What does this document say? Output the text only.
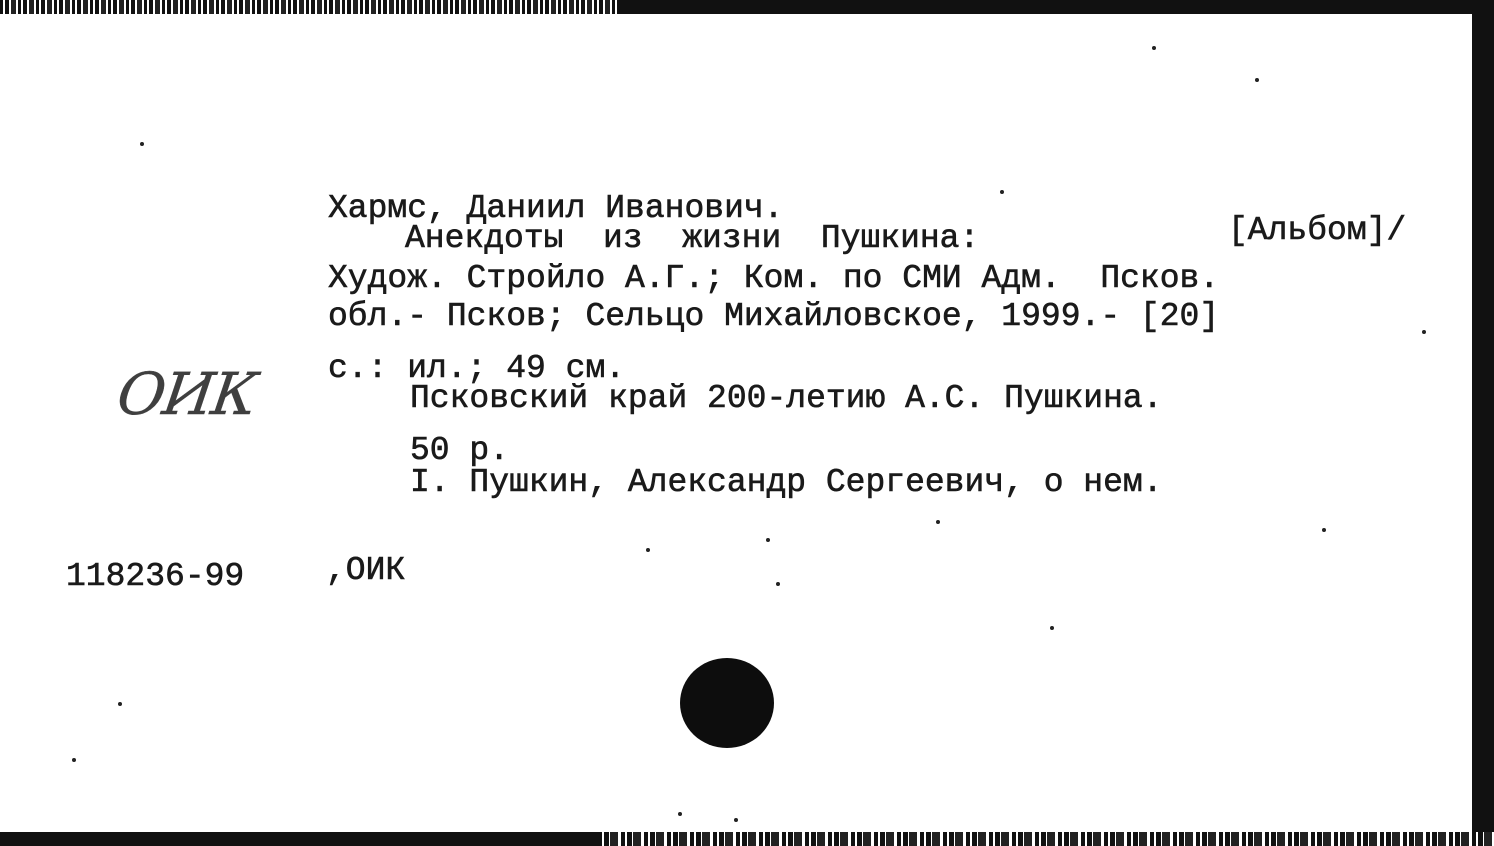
Хармс, Даниил Иванович.
Анекдоты  из  жизни  Пушкина:	[Альбом]/
Худож. Стройло А.Г.; Ком. по СМИ Адм.  Псков.
обл.- Псков; Сельцо Михайловское, 1999.- [20]
с.: ил.; 49 см.
Псковский край 200-летию А.С. Пушкина.
50 р.
I. Пушкин, Александр Сергеевич, о нем.
118236-99 ,ОИК
ОИК
